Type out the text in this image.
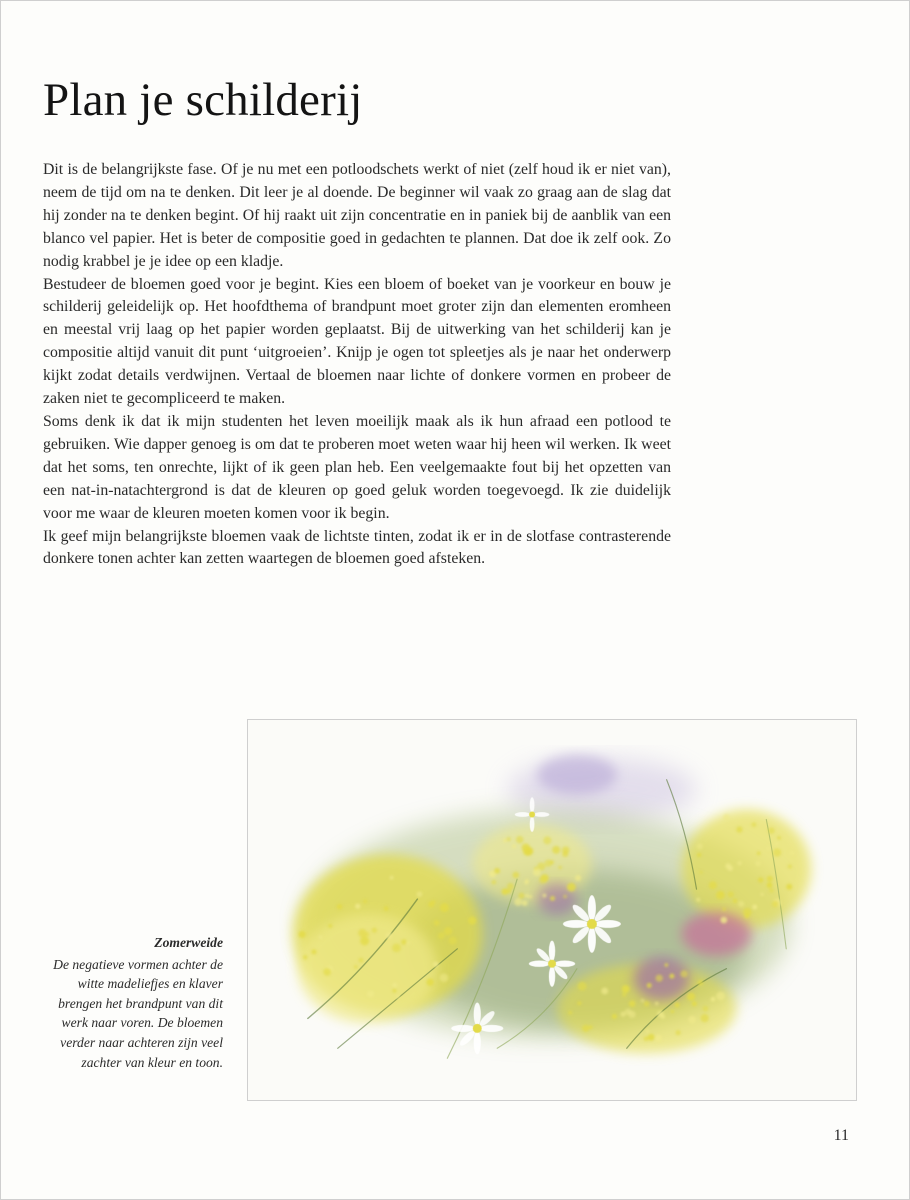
Plan je schilderij

Dit is de belangrijkste fase. Of je nu met een potloodschets werkt of niet (zelf houd ik er niet van), neem de tijd om na te denken. Dit leer je al doende. De beginner wil vaak zo graag aan de slag dat hij zonder na te denken begint. Of hij raakt uit zijn concentratie en in paniek bij de aanblik van een blanco vel papier. Het is beter de compositie goed in gedachten te plannen. Dat doe ik zelf ook. Zo nodig krabbel je je idee op een kladje.

Bestudeer de bloemen goed voor je begint. Kies een bloem of boeket van je voorkeur en bouw je schilderij geleidelijk op. Het hoofdthema of brandpunt moet groter zijn dan elementen eromheen en meestal vrij laag op het papier worden geplaatst. Bij de uitwerking van het schilderij kan je compositie altijd vanuit dit punt ‘uitgroeien’. Knijp je ogen tot spleetjes als je naar het onderwerp kijkt zodat details verdwijnen. Vertaal de bloemen naar lichte of donkere vormen en probeer de zaken niet te gecompliceerd te maken.

Soms denk ik dat ik mijn studenten het leven moeilijk maak als ik hun afraad een potlood te gebruiken. Wie dapper genoeg is om dat te proberen moet weten waar hij heen wil werken. Ik weet dat het soms, ten onrechte, lijkt of ik geen plan heb. Een veelgemaakte fout bij het opzetten van een nat-in-natachtergrond is dat de kleuren op goed geluk worden toegevoegd. Ik zie duidelijk voor me waar de kleuren moeten komen voor ik begin.

Ik geef mijn belangrijkste bloemen vaak de lichtste tinten, zodat ik er in de slotfase contrasterende donkere tonen achter kan zetten waartegen de bloemen goed afsteken.

Zomerweide

De negatieve vormen achter de witte madeliefjes en klaver brengen het brandpunt van dit werk naar voren. De bloemen verder naar achteren zijn veel zachter van kleur en toon.

11
